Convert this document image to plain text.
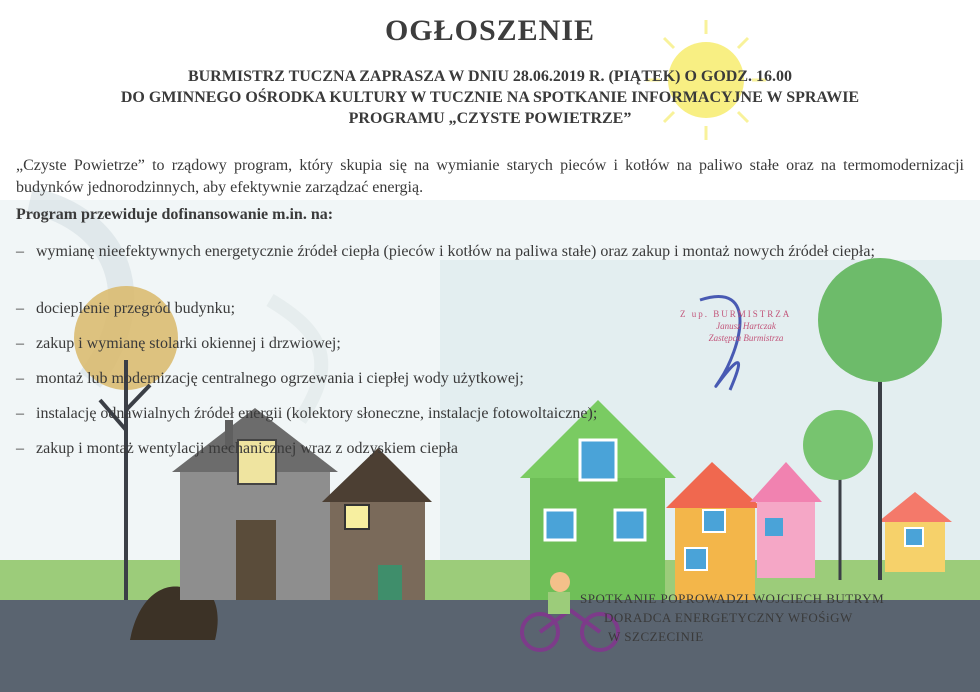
OGŁOSZENIE
BURMISTRZ TUCZNA ZAPRASZA W DNIU 28.06.2019 R. (PIĄTEK) O GODZ. 16.00
DO GMINNEGO OŚRODKA KULTURY W TUCZNIE NA SPOTKANIE INFORMACYJNE W SPRAWIE
PROGRAMU „CZYSTE POWIETRZE”
„Czyste Powietrze” to rządowy program, który skupia się na wymianie starych pieców i kotłów na paliwo stałe oraz na termomodernizacji budynków jednorodzinnych, aby efektywnie zarządzać energią.
Program przewiduje dofinansowanie m.in. na:
– wymianę nieefektywnych energetycznie źródeł ciepła (pieców i kotłów na paliwa stałe) oraz zakup i montaż nowych źródeł ciepła;
– docieplenie przegród budynku;
– zakup i wymianę stolarki okiennej i drzwiowej;
– montaż lub modernizację centralnego ogrzewania i ciepłej wody użytkowej;
– instalację odnawialnych źródeł energii (kolektory słoneczne, instalacje fotowoltaiczne);
– zakup i montaż wentylacji mechanicznej wraz z odzyskiem ciepła
Z up. BURMISTRZA
Janusz Hartczak
Zastępca Burmistrza
SPOTKANIE POPROWADZI WOJCIECH BUTRYM
DORADCA ENERGETYCZNY WFOŚiGW
W SZCZECINIE
